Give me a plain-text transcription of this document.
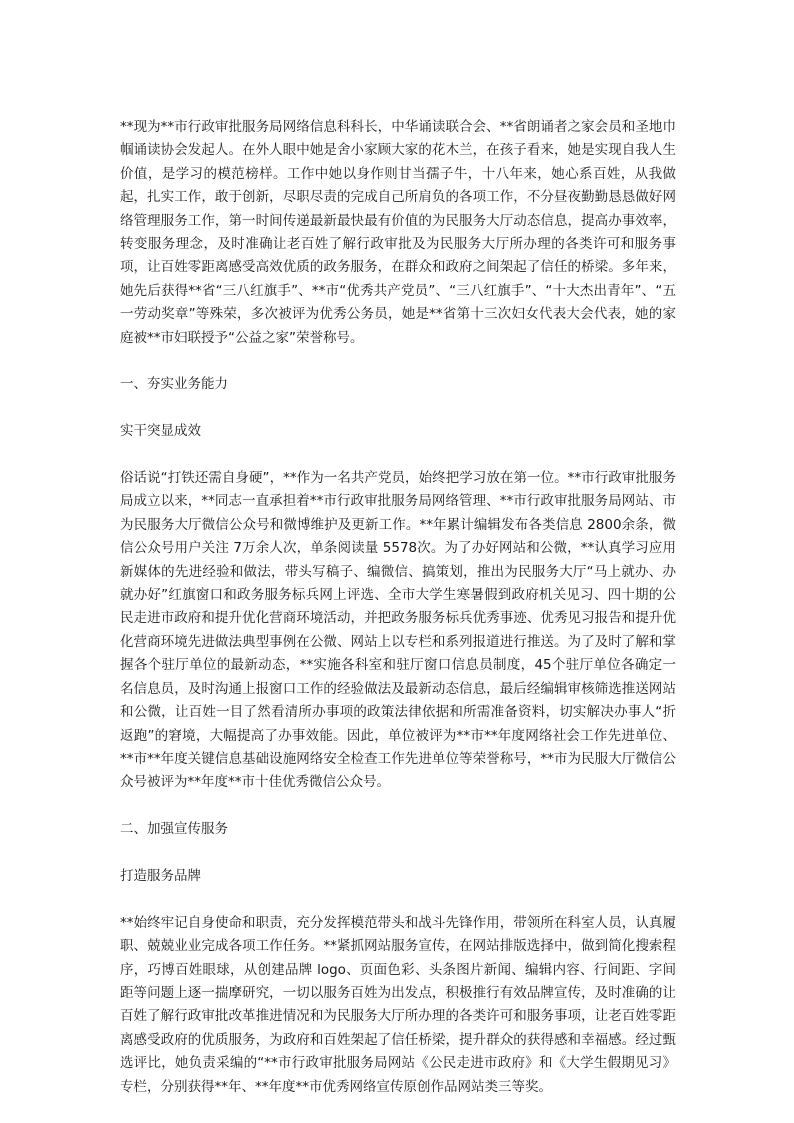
**现为**市行政审批服务局网络信息科科长，中华诵读联合会、**省朗诵者之家会员和圣地巾帼诵读协会发起人。在外人眼中她是舍小家顾大家的花木兰，在孩子看来，她是实现自我人生价值，是学习的模范榜样。工作中她以身作则甘当孺子牛，十八年来，她心系百姓，从我做起，扎实工作，敢于创新，尽职尽责的完成自己所肩负的各项工作，不分昼夜勤勤恳恳做好网络管理服务工作，第一时间传递最新最快最有价值的为民服务大厅动态信息，提高办事效率，转变服务理念，及时准确让老百姓了解行政审批及为民服务大厅所办理的各类许可和服务事项，让百姓零距离感受高效优质的政务服务，在群众和政府之间架起了信任的桥梁。多年来，她先后获得**省“三八红旗手”、**市“优秀共产党员”、“三八红旗手”、“十大杰出青年”、“五一劳动奖章”等殊荣，多次被评为优秀公务员，她是**省第十三次妇女代表大会代表，她的家庭被**市妇联授予“公益之家”荣誉称号。

一、夯实业务能力

实干突显成效

俗话说“打铁还需自身硬”，**作为一名共产党员，始终把学习放在第一位。**市行政审批服务局成立以来，**同志一直承担着**市行政审批服务局网络管理、**市行政审批服务局网站、市为民服务大厅微信公众号和微博维护及更新工作。**年累计编辑发布各类信息 2800余条，微信公众号用户关注 7万余人次，单条阅读量 5578次。为了办好网站和公微，**认真学习应用新媒体的先进经验和做法，带头写稿子、编微信、搞策划，推出为民服务大厅“马上就办、办就办好”红旗窗口和政务服务标兵网上评选、全市大学生寒暑假到政府机关见习、四十期的公民走进市政府和提升优化营商环境活动，并把政务服务标兵优秀事迹、优秀见习报告和提升优化营商环境先进做法典型事例在公微、网站上以专栏和系列报道进行推送。为了及时了解和掌握各个驻厅单位的最新动态，**实施各科室和驻厅窗口信息员制度，45个驻厅单位各确定一名信息员，及时沟通上报窗口工作的经验做法及最新动态信息，最后经编辑审核筛选推送网站和公微，让百姓一目了然看清所办事项的政策法律依据和所需准备资料，切实解决办事人“折返跑”的窘境，大幅提高了办事效能。因此，单位被评为**市**年度网络社会工作先进单位、**市**年度关键信息基础设施网络安全检查工作先进单位等荣誉称号，**市为民服大厅微信公众号被评为**年度**市十佳优秀微信公众号。

二、加强宣传服务

打造服务品牌

**始终牢记自身使命和职责，充分发挥模范带头和战斗先锋作用，带领所在科室人员，认真履职、兢兢业业完成各项工作任务。**紧抓网站服务宣传，在网站排版选择中，做到简化搜索程序，巧博百姓眼球，从创建品牌 logo、页面色彩、头条图片新闻、编辑内容、行间距、字间距等问题上逐一揣摩研究，一切以服务百姓为出发点，积极推行有效品牌宣传，及时准确的让百姓了解行政审批改革推进情况和为民服务大厅所办理的各类许可和服务事项，让老百姓零距离感受政府的优质服务，为政府和百姓架起了信任桥梁，提升群众的获得感和幸福感。经过甄选评比，她负责采编的“**市行政审批服务局网站《公民走进市政府》和《大学生假期见习》专栏，分别获得**年、**年度**市优秀网络宣传原创作品网站类三等奖。
